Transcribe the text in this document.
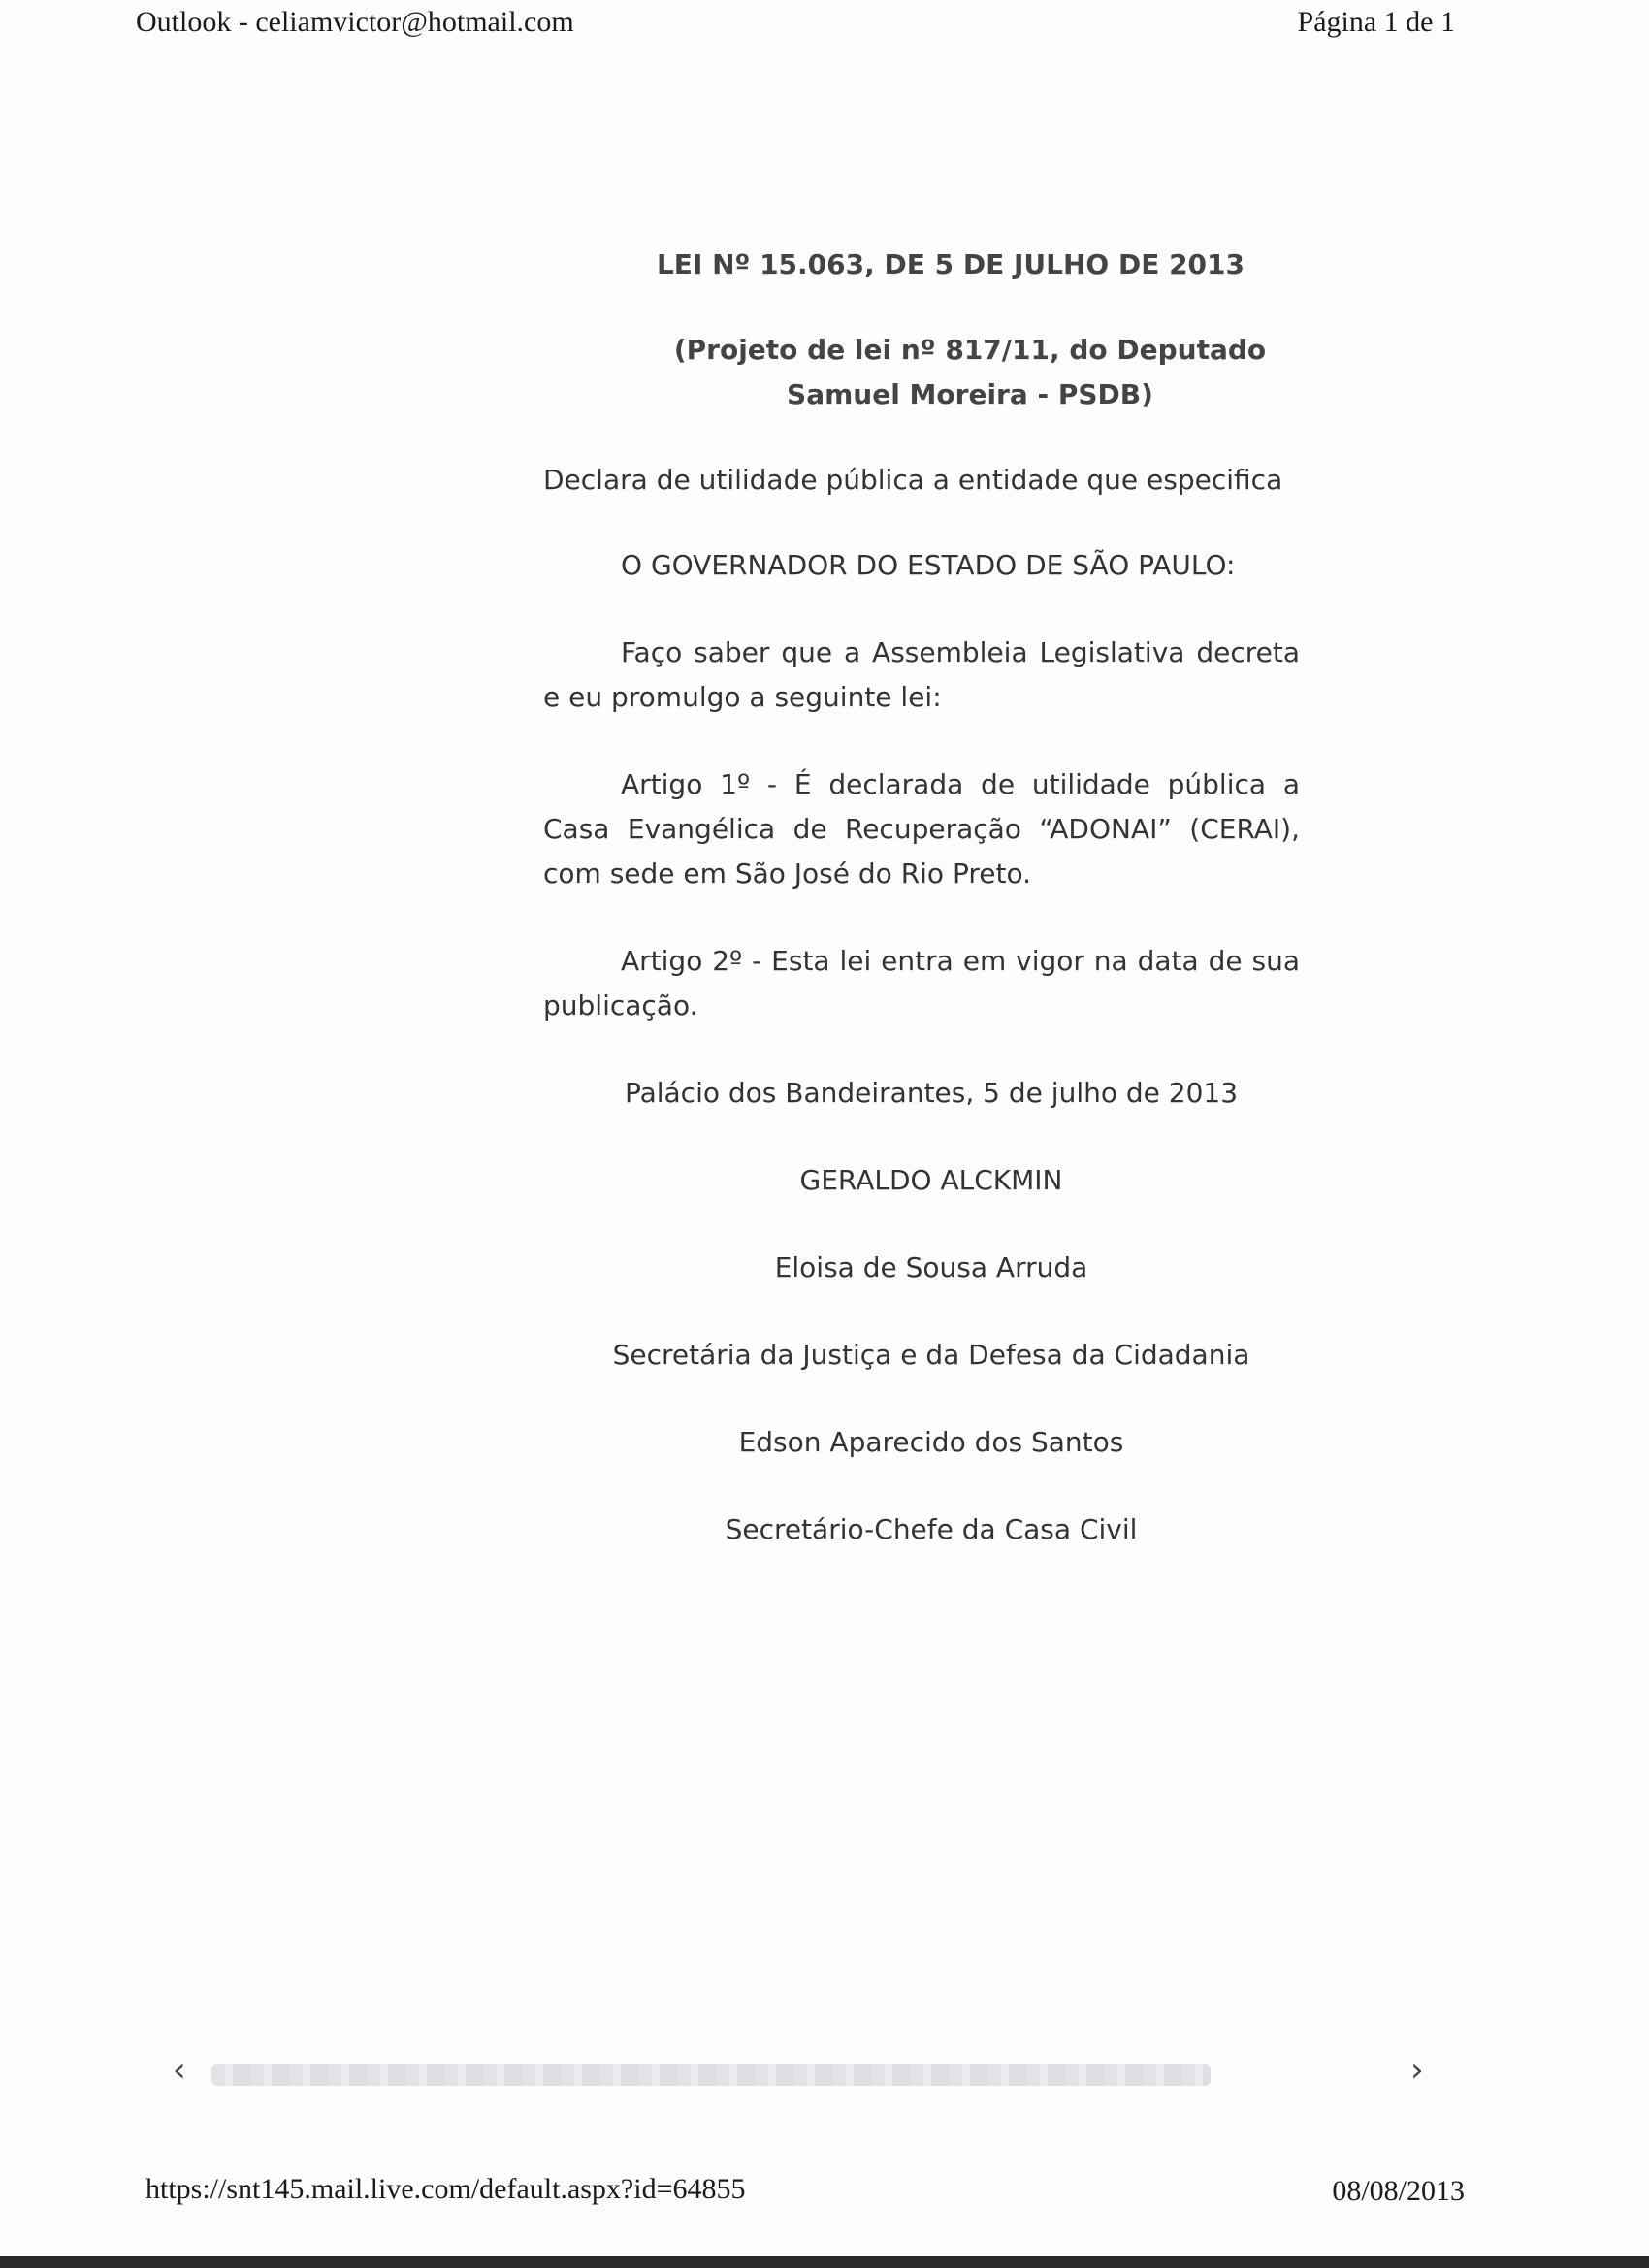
Outlook - celiamvictor@hotmail.com	Página 1 de 1

LEI Nº 15.063, DE 5 DE JULHO DE 2013

(Projeto de lei nº 817/11, do Deputado Samuel Moreira - PSDB)

Declara de utilidade pública a entidade que especifica

O GOVERNADOR DO ESTADO DE SÃO PAULO:

Faço saber que a Assembleia Legislativa decreta e eu promulgo a seguinte lei:

Artigo 1º - É declarada de utilidade pública a Casa Evangélica de Recuperação “ADONAI” (CERAI), com sede em São José do Rio Preto.

Artigo 2º - Esta lei entra em vigor na data de sua publicação.

Palácio dos Bandeirantes, 5 de julho de 2013

GERALDO ALCKMIN

Eloisa de Sousa Arruda

Secretária da Justiça e da Defesa da Cidadania

Edson Aparecido dos Santos

Secretário-Chefe da Casa Civil

‹	›
https://snt145.mail.live.com/default.aspx?id=64855	08/08/2013
